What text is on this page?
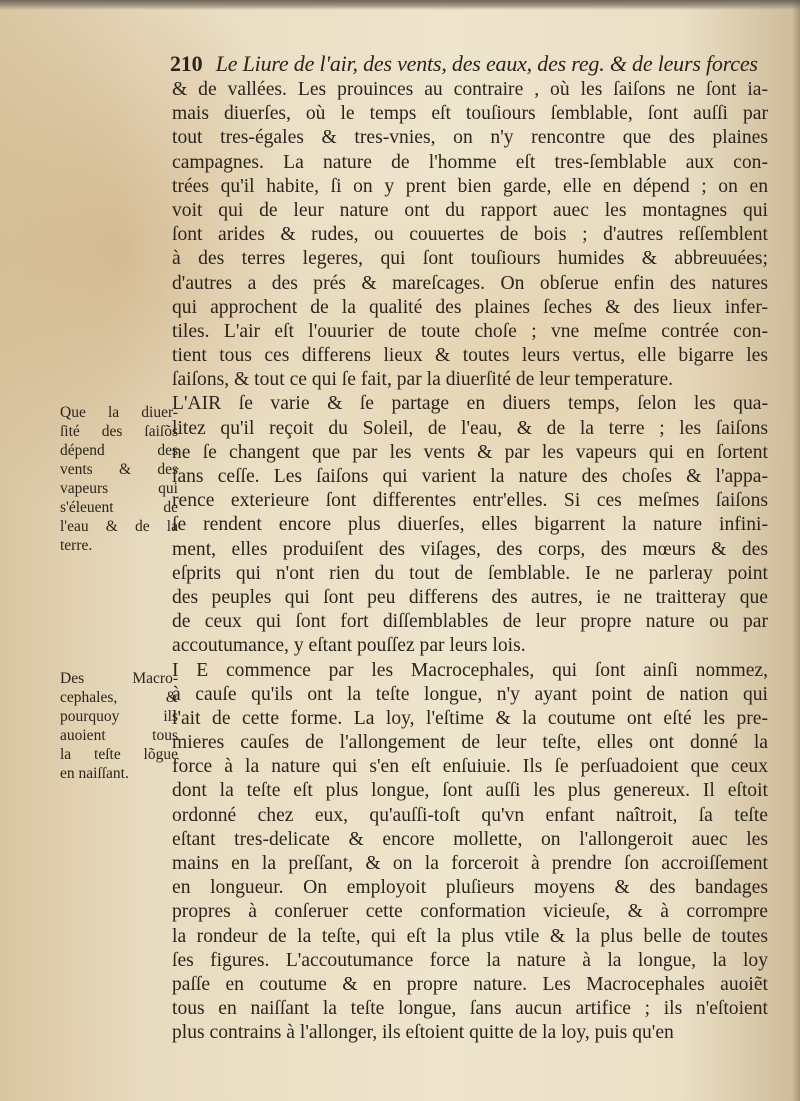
210 Le Liure de l'air, des vents, des eaux, des reg. & de leurs forces
& de vallées. Les prouinces au contraire , où les ſaiſons ne ſont ia-
mais diuerſes, où le temps eſt touſiours ſemblable, ſont auſſi par
tout tres-égales & tres-vnies, on n'y rencontre que des plaines
campagnes. La nature de l'homme eſt tres-ſemblable aux con-
trées qu'il habite, ſi on y prent bien garde, elle en dépend ; on en
voit qui de leur nature ont du rapport auec les montagnes qui
ſont arides & rudes, ou couuertes de bois ; d'autres reſſemblent
à des terres legeres, qui ſont touſiours humides & abbreuuées;
d'autres a des prés & mareſcages. On obſerue enfin des natures
qui approchent de la qualité des plaines ſeches & des lieux infer-
tiles. L'air eſt l'ouurier de toute choſe ; vne meſme contrée con-
tient tous ces differens lieux & toutes leurs vertus, elle bigarre les
ſaiſons, & tout ce qui ſe fait, par la diuerſité de leur temperature.
L'AIR ſe varie & ſe partage en diuers temps, ſelon les qua-
litez qu'il reçoit du Soleil, de l'eau, & de la terre ; les ſaiſons
ne ſe changent que par les vents & par les vapeurs qui en ſortent
ſans ceſſe. Les ſaiſons qui varient la nature des choſes & l'appa-
rence exterieure ſont differentes entr'elles. Si ces meſmes ſaiſons
ſe rendent encore plus diuerſes, elles bigarrent la nature infini-
ment, elles produiſent des viſages, des corps, des mœurs & des
eſprits qui n'ont rien du tout de ſemblable. Ie ne parleray point
des peuples qui ſont peu differens des autres, ie ne traitteray que
de ceux qui ſont fort diſſemblables de leur propre nature ou par
accoutumance, y eſtant pouſſez par leurs lois.
I E commence par les Macrocephales, qui ſont ainſi nommez,
à cauſe qu'ils ont la teſte longue, n'y ayant point de nation qui
l'ait de cette forme. La loy, l'eſtime & la coutume ont eſté les pre-
mieres cauſes de l'allongement de leur teſte, elles ont donné la
force à la nature qui s'en eſt enſuiuie. Ils ſe perſuadoient que ceux
dont la teſte eſt plus longue, ſont auſſi les plus genereux. Il eſtoit
ordonné chez eux, qu'auſſi-toſt qu'vn enfant naîtroit, ſa teſte
eſtant tres-delicate & encore mollette, on l'allongeroit auec les
mains en la preſſant, & on la forceroit à prendre ſon accroiſſement
en longueur. On employoit pluſieurs moyens & des bandages
propres à conſeruer cette conformation vicieuſe, & à corrompre
la rondeur de la teſte, qui eſt la plus vtile & la plus belle de toutes
ſes figures. L'accoutumance force la nature à la longue, la loy
paſſe en coutume & en propre nature. Les Macrocephales auoiẽt
tous en naiſſant la teſte longue, ſans aucun artifice ; ils n'eſtoient
plus contrains à l'allonger, ils eſtoient quitte de la loy, puis qu'en
Que la diuer-
ſité des ſaiſõs
dépend des
vents & des
vapeurs qui
s'éleuent de
l'eau & de la
terre.
Des Macro-
cephales, &
pourquoy ils
auoient tous
la teſte lõgue
en naiſſant.
